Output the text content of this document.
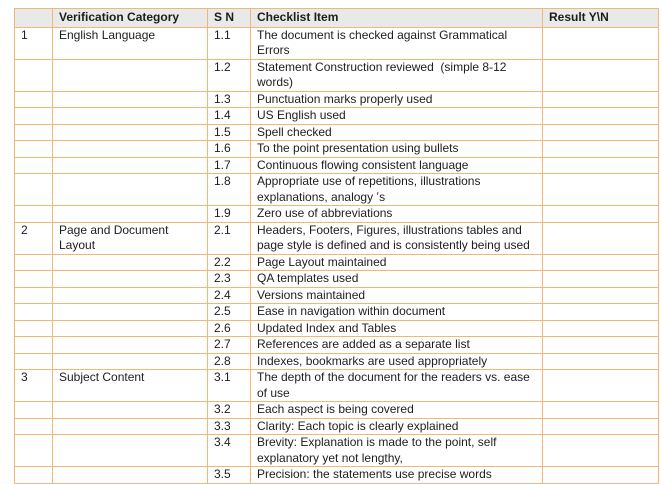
	Verification Category	S N	Checklist Item	Result Y\N
1	English Language	1.1	The document is checked against Grammatical Errors	
		1.2	Statement Construction reviewed  (simple 8-12 words)	
		1.3	Punctuation marks properly used	
		1.4	US English used	
		1.5	Spell checked	
		1.6	To the point presentation using bullets	
		1.7	Continuous flowing consistent language	
		1.8	Appropriate use of repetitions, illustrations explanations, analogy ʼs	
		1.9	Zero use of abbreviations	
2	Page and Document Layout	2.1	Headers, Footers, Figures, illustrations tables and page style is defined and is consistently being used	
		2.2	Page Layout maintained	
		2.3	QA templates used	
		2.4	Versions maintained	
		2.5	Ease in navigation within document	
		2.6	Updated Index and Tables	
		2.7	References are added as a separate list	
		2.8	Indexes, bookmarks are used appropriately	
3	Subject Content	3.1	The depth of the document for the readers vs. ease of use	
		3.2	Each aspect is being covered	
		3.3	Clarity: Each topic is clearly explained	
		3.4	Brevity: Explanation is made to the point, self explanatory yet not lengthy,	
		3.5	Precision: the statements use precise words	
